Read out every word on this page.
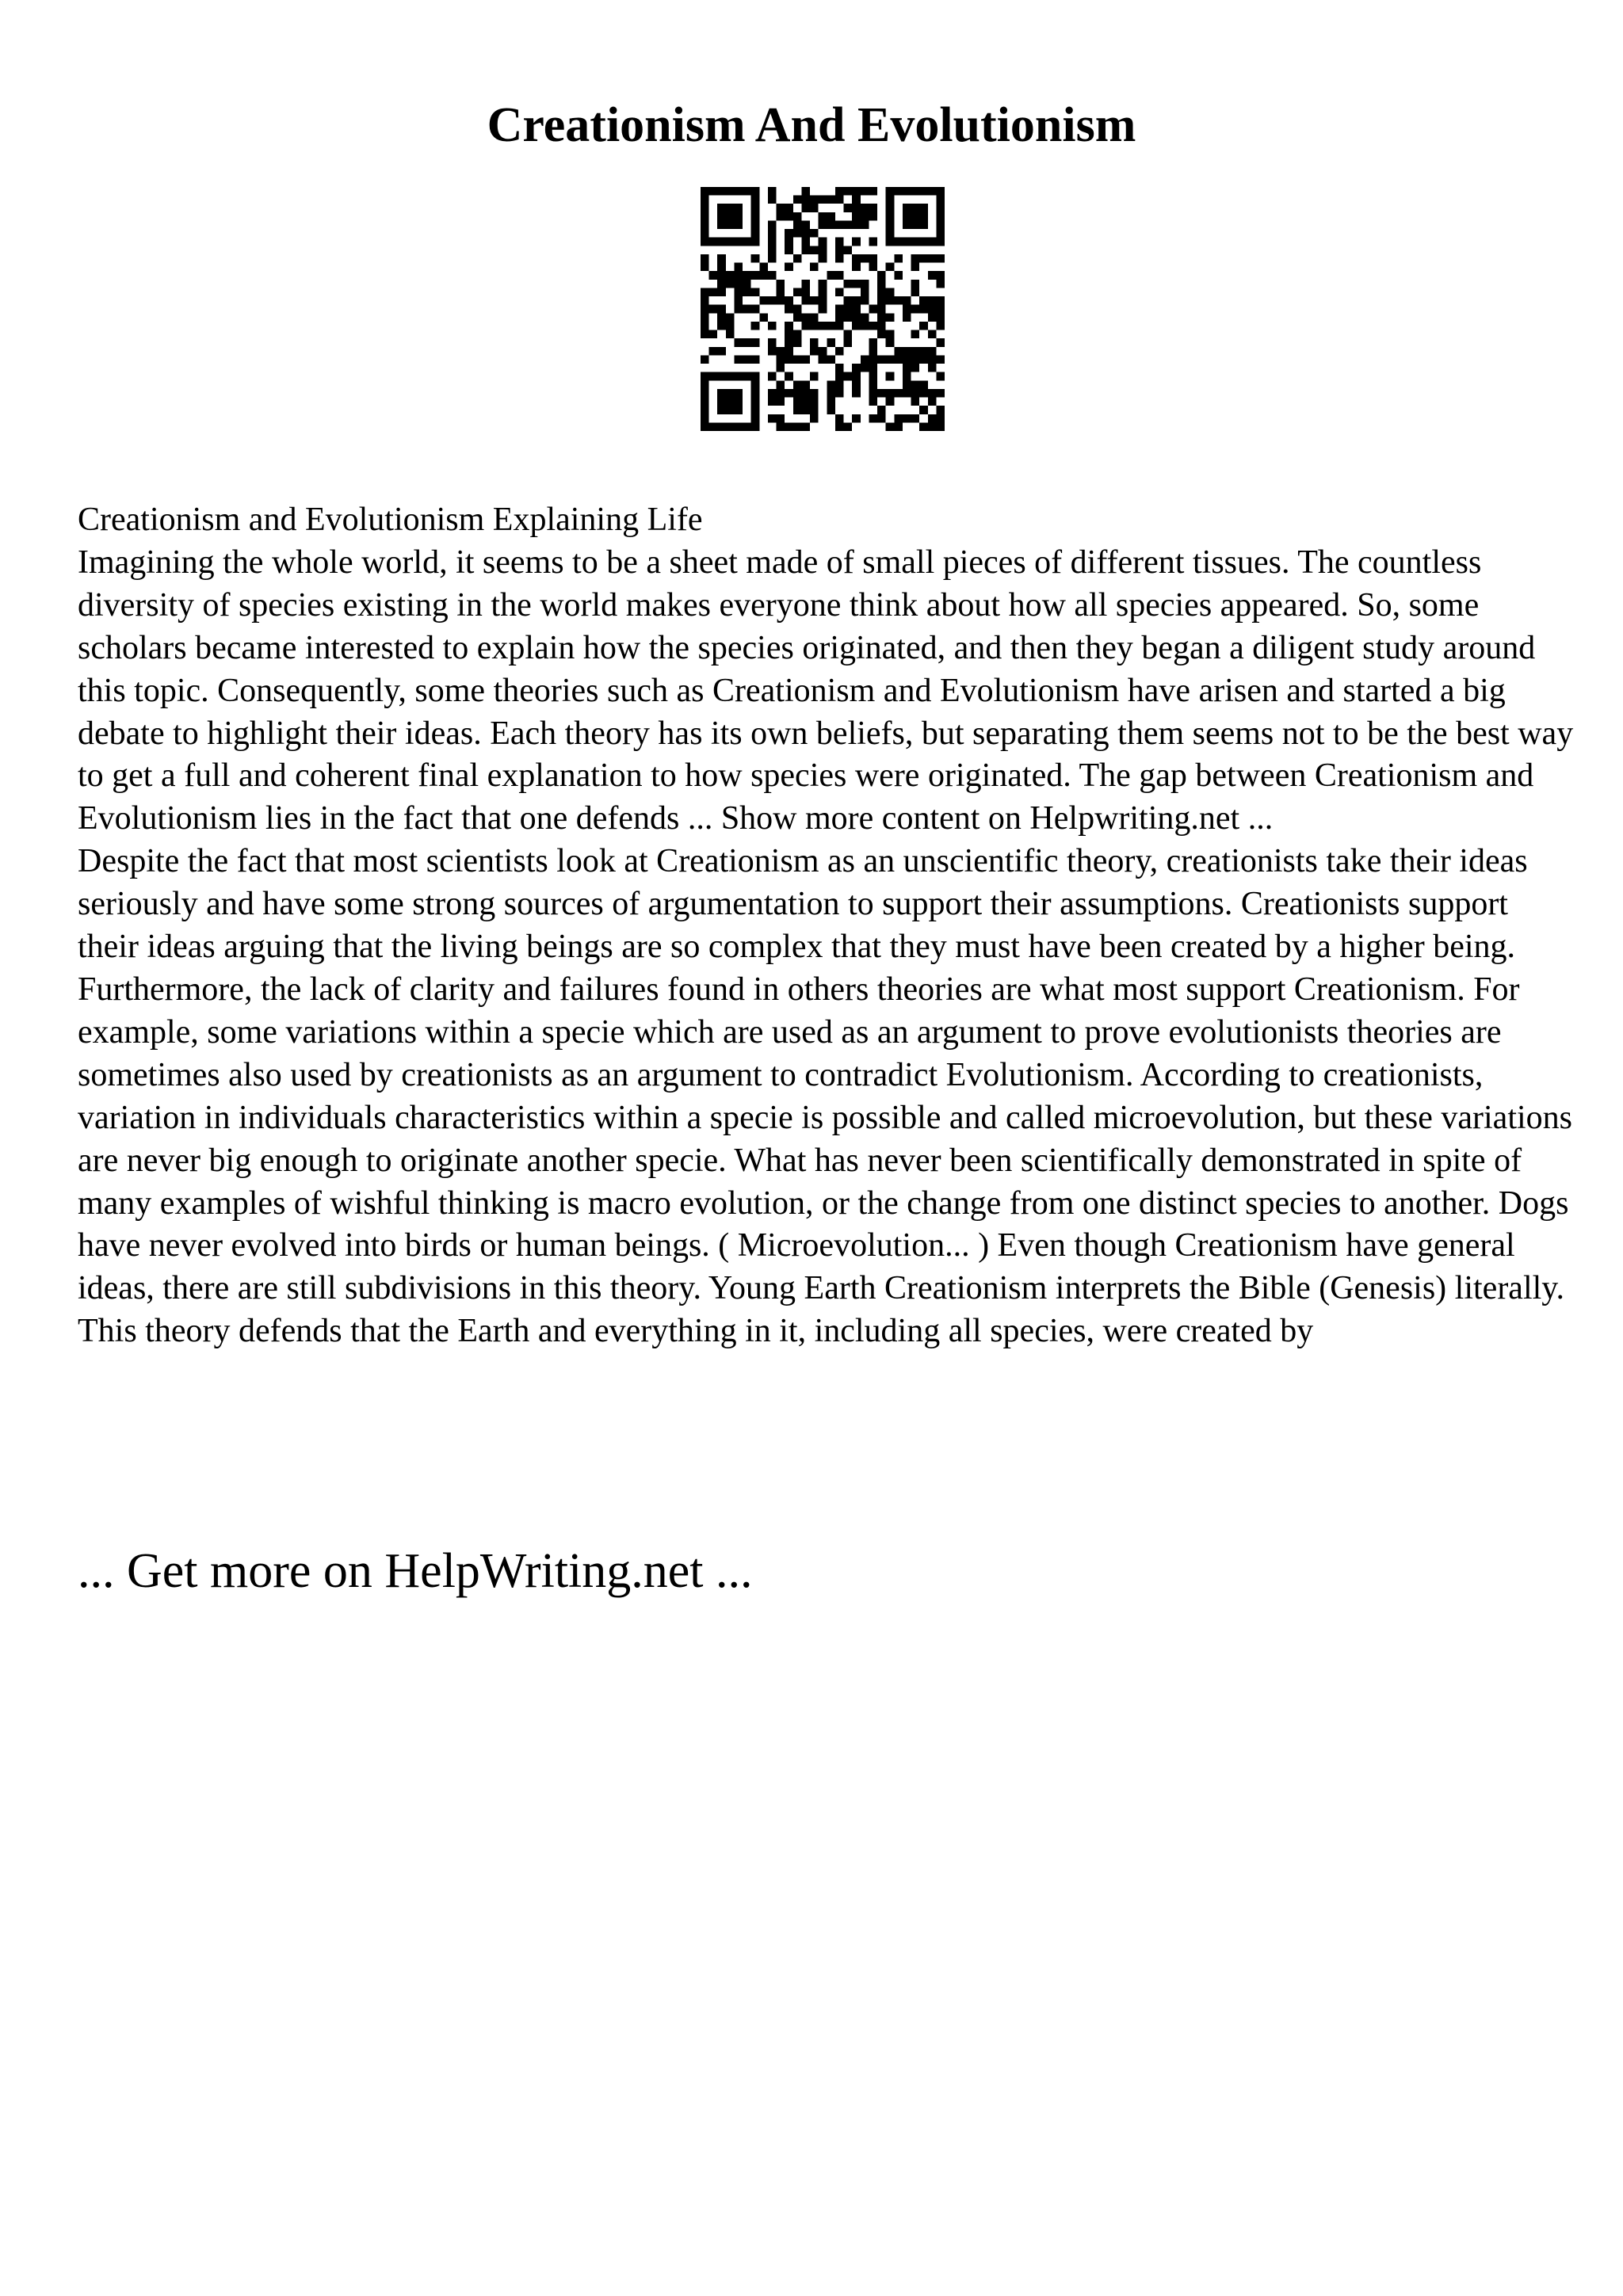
Creationism And Evolutionism

Creationism and Evolutionism Explaining Life

Imagining the whole world, it seems to be a sheet made of small pieces of different tissues. The countless diversity of species existing in the world makes everyone think about how all species appeared. So, some scholars became interested to explain how the species originated, and then they began a diligent study around this topic. Consequently, some theories such as Creationism and Evolutionism have arisen and started a big debate to highlight their ideas. Each theory has its own beliefs, but separating them seems not to be the best way to get a full and coherent final explanation to how species were originated. The gap between Creationism and Evolutionism lies in the fact that one defends ... Show more content on Helpwriting.net ...

Despite the fact that most scientists look at Creationism as an unscientific theory, creationists take their ideas seriously and have some strong sources of argumentation to support their assumptions. Creationists support their ideas arguing that the living beings are so complex that they must have been created by a higher being. Furthermore, the lack of clarity and failures found in others theories are what most support Creationism. For example, some variations within a specie which are used as an argument to prove evolutionists theories are sometimes also used by creationists as an argument to contradict Evolutionism. According to creationists, variation in individuals characteristics within a specie is possible and called microevolution, but these variations are never big enough to originate another specie. What has never been scientifically demonstrated in spite of many examples of wishful thinking is macro evolution, or the change from one distinct species to another. Dogs have never evolved into birds or human beings. ( Microevolution... ) Even though Creationism have general ideas, there are still subdivisions in this theory. Young Earth Creationism interprets the Bible (Genesis) literally. This theory defends that the Earth and everything in it, including all species, were created by

... Get more on HelpWriting.net ...
